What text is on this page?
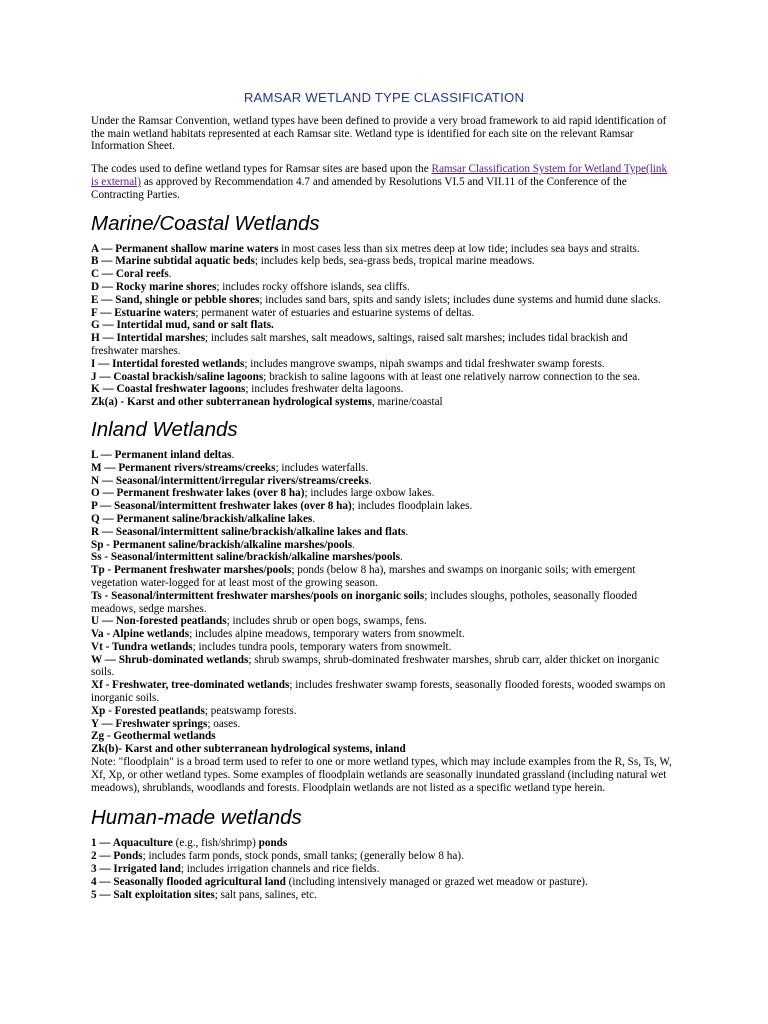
RAMSAR WETLAND TYPE CLASSIFICATION

Under the Ramsar Convention, wetland types have been defined to provide a very broad framework to aid rapid identification of the main wetland habitats represented at each Ramsar site. Wetland type is identified for each site on the relevant Ramsar Information Sheet.

The codes used to define wetland types for Ramsar sites are based upon the Ramsar Classification System for Wetland Type(link is external) as approved by Recommendation 4.7 and amended by Resolutions VI.5 and VII.11 of the Conference of the Contracting Parties.

Marine/Coastal Wetlands
A — Permanent shallow marine waters in most cases less than six metres deep at low tide; includes sea bays and straits.
B — Marine subtidal aquatic beds; includes kelp beds, sea-grass beds, tropical marine meadows.
C — Coral reefs.
D — Rocky marine shores; includes rocky offshore islands, sea cliffs.
E — Sand, shingle or pebble shores; includes sand bars, spits and sandy islets; includes dune systems and humid dune slacks.
F — Estuarine waters; permanent water of estuaries and estuarine systems of deltas.
G — Intertidal mud, sand or salt flats.
H — Intertidal marshes; includes salt marshes, salt meadows, saltings, raised salt marshes; includes tidal brackish and freshwater marshes.
I — Intertidal forested wetlands; includes mangrove swamps, nipah swamps and tidal freshwater swamp forests.
J — Coastal brackish/saline lagoons; brackish to saline lagoons with at least one relatively narrow connection to the sea.
K — Coastal freshwater lagoons; includes freshwater delta lagoons.
Zk(a) - Karst and other subterranean hydrological systems, marine/coastal
Inland Wetlands
L — Permanent inland deltas.
M — Permanent rivers/streams/creeks; includes waterfalls.
N — Seasonal/intermittent/irregular rivers/streams/creeks.
O — Permanent freshwater lakes (over 8 ha); includes large oxbow lakes.
P — Seasonal/intermittent freshwater lakes (over 8 ha); includes floodplain lakes.
Q — Permanent saline/brackish/alkaline lakes.
R — Seasonal/intermittent saline/brackish/alkaline lakes and flats.
Sp - Permanent saline/brackish/alkaline marshes/pools.
Ss - Seasonal/intermittent saline/brackish/alkaline marshes/pools.
Tp - Permanent freshwater marshes/pools; ponds (below 8 ha), marshes and swamps on inorganic soils; with emergent vegetation water-logged for at least most of the growing season.
Ts - Seasonal/intermittent freshwater marshes/pools on inorganic soils; includes sloughs, potholes, seasonally flooded meadows, sedge marshes.
U — Non-forested peatlands; includes shrub or open bogs, swamps, fens.
Va - Alpine wetlands; includes alpine meadows, temporary waters from snowmelt.
Vt - Tundra wetlands; includes tundra pools, temporary waters from snowmelt.
W — Shrub-dominated wetlands; shrub swamps, shrub-dominated freshwater marshes, shrub carr, alder thicket on inorganic soils.
Xf - Freshwater, tree-dominated wetlands; includes freshwater swamp forests, seasonally flooded forests, wooded swamps on inorganic soils.
Xp - Forested peatlands; peatswamp forests.
Y — Freshwater springs; oases.
Zg - Geothermal wetlands
Zk(b)- Karst and other subterranean hydrological systems, inland

Note: "floodplain" is a broad term used to refer to one or more wetland types, which may include examples from the R, Ss, Ts, W, Xf, Xp, or other wetland types. Some examples of floodplain wetlands are seasonally inundated grassland (including natural wet meadows), shrublands, woodlands and forests. Floodplain wetlands are not listed as a specific wetland type herein.

Human-made wetlands
1 — Aquaculture (e.g., fish/shrimp) ponds
2 — Ponds; includes farm ponds, stock ponds, small tanks; (generally below 8 ha).
3 — Irrigated land; includes irrigation channels and rice fields.
4 — Seasonally flooded agricultural land (including intensively managed or grazed wet meadow or pasture).
5 — Salt exploitation sites; salt pans, salines, etc.
